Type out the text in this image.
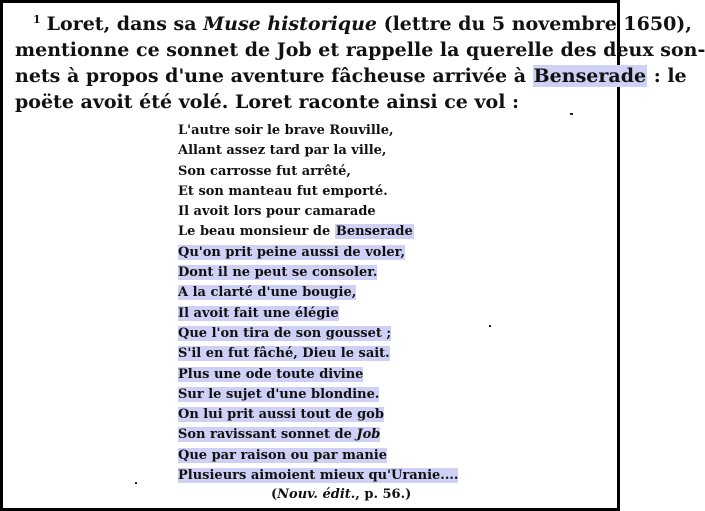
$^1$ Loret, dans sa Muse historique (lettre du 5 novembre 1650),
mentionne ce sonnet de Job et rappelle la querelle des deux son-
nets à propos d'une aventure fâcheuse arrivée à Benserade : le
poëte avoit été volé. Loret raconte ainsi ce vol :
L'autre soir le brave Rouville,
Allant assez tard par la ville,
Son carrosse fut arrêté,
Et son manteau fut emporté.
Il avoit lors pour camarade
Le beau monsieur de Benserade
Qu'on prit peine aussi de voler,
Dont il ne peut se consoler.
A la clarté d'une bougie,
Il avoit fait une élégie
Que l'on tira de son gousset ;
S'il en fut fâché, Dieu le sait.
Plus une ode toute divine
Sur le sujet d'une blondine.
On lui prit aussi tout de gob
Son ravissant sonnet de Job
Que par raison ou par manie
Plusieurs aimoient mieux qu'Uranie....
(Nouv. édit., p. 56.)
